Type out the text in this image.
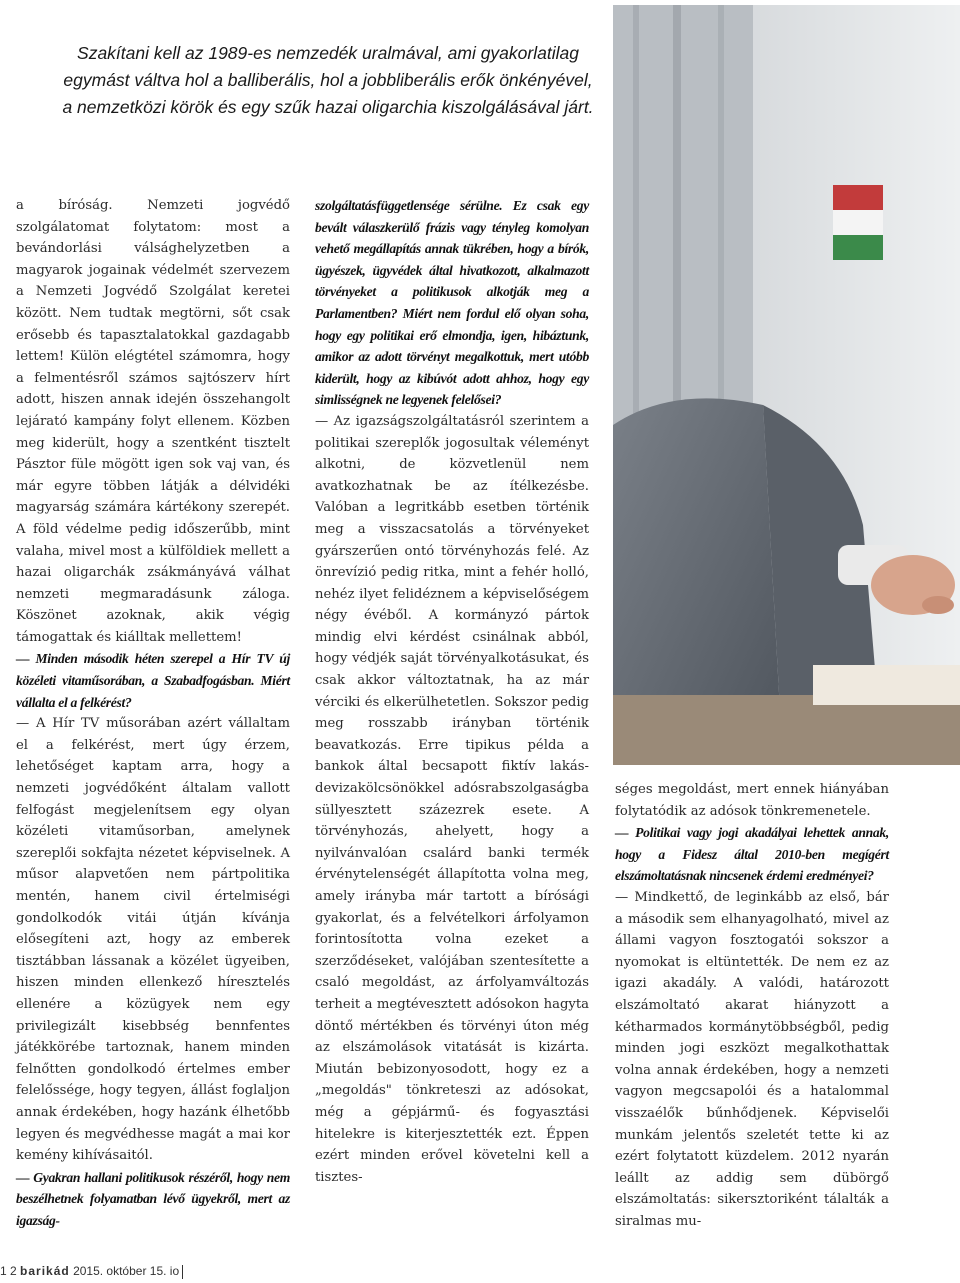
Szakítani kell az 1989-es nemzedék uralmával, ami gyakorlatilag egymást váltva hol a balliberális, hol a jobbliberális erők önkényével, a nemzetközi körök és egy szűk hazai oligarchia kiszolgálásával járt.

a bíróság. Nemzeti jogvédő szolgálatomat folytatom: most a bevándorlási válsághelyzetben a magyarok jogainak védelmét szervezem a Nemzeti Jogvédő Szolgálat keretei között. Nem tudtak megtörni, sőt csak erősebb és tapasztalatokkal gazdagabb lettem! Külön elégtétel számomra, hogy a felmentésről számos sajtószerv hírt adott, hiszen annak idején összehangolt lejárató kampány folyt ellenem. Közben meg kiderült, hogy a szentként tisztelt Pásztor füle mögött igen sok vaj van, és már egyre többen látják a délvidéki magyarság számára kártékony szerepét. A föld védelme pedig időszerűbb, mint valaha, mivel most a külföldiek mellett a hazai oligarchák zsákmányává válhat nemzeti megmaradásunk záloga. Köszönet azoknak, akik végig támogattak és kiálltak mellettem!

— Minden második héten szerepel a Hír TV új közéleti vitaműsorában, a Szabadfogásban. Miért vállalta el a felkérést?

— A Hír TV műsorában azért vállaltam el a felkérést, mert úgy érzem, lehetőséget kaptam arra, hogy a nemzeti jogvédőként általam vallott felfogást megjelenítsem egy olyan közéleti vitaműsorban, amelynek szereplői sokfajta nézetet képviselnek. A műsor alapvetően nem pártpolitika mentén, hanem civil értelmiségi gondolkodók vitái útján kívánja elősegíteni azt, hogy az emberek tisztábban lássanak a közélet ügyeiben, hiszen minden ellenkező híresztelés ellenére a közügyek nem egy privilegizált kisebbség bennfentes játékkörébe tartoznak, hanem minden felnőtten gondolkodó értelmes ember felelőssége, hogy tegyen, állást foglaljon annak érdekében, hogy hazánk élhetőbb legyen és megvédhesse magát a mai kor kemény kihívásaitól.

— Gyakran hallani politikusok részéről, hogy nem beszélhetnek folyamatban lévő ügyekről, mert az igazság-

szolgáltatásfüggetlensége sérülne. Ez csak egy bevált válaszkerülő frázis vagy tényleg komolyan vehető megállapítás annak tükrében, hogy a bírók, ügyészek, ügyvédek által hivatkozott, alkalmazott törvényeket a politikusok alkotják meg a Parlamentben? Miért nem fordul elő olyan soha, hogy egy politikai erő elmondja, igen, hibáztunk, amikor az adott törvényt megalkottuk, mert utóbb kiderült, hogy az kibúvót adott ahhoz, hogy egy simlisségnek ne legyenek felelősei?

— Az igazságszolgáltatásról szerintem a politikai szereplők jogosultak véleményt alkotni, de közvetlenül nem avatkozhatnak be az ítélkezésbe. Valóban a legritkább esetben történik meg a visszacsatolás a törvényeket gyárszerűen ontó törvényhozás felé. Az önrevízió pedig ritka, mint a fehér holló, nehéz ilyet felidéznem a képviselőségem négy évéből. A kormányzó pártok mindig elvi kérdést csinálnak abból, hogy védjék saját törvényalkotásukat, és csak akkor változtatnak, ha az már vérciki és elkerülhetetlen. Sokszor pedig meg rosszabb irányban történik beavatkozás. Erre tipikus példa a bankok által becsapott fiktív lakás-devizakölcsönökkel adósrabszolgaságba süllyesztett százezrek esete. A törvényhozás, ahelyett, hogy a nyilvánvalóan csalárd banki termék érvénytelenségét állapította volna meg, amely irányba már tartott a bírósági gyakorlat, és a felvételkori árfolyamon forintosította volna ezeket a szerződéseket, valójában szentesítette a csaló megoldást, az árfolyamváltozás terheit a megtévesztett adósokon hagyta döntő mértékben és törvényi úton még az elszámolások vitatását is kizárta. Miután bebizonyosodott, hogy ez a „megoldás" tönkreteszi az adósokat, még a gépjármű- és fogyasztási hitelekre is kiterjesztették ezt. Éppen ezért minden erővel követelni kell a tisztes-

séges megoldást, mert ennek hiányában folytatódik az adósok tönkremenetele.

— Politikai vagy jogi akadályai lehettek annak, hogy a Fidesz által 2010-ben megígért elszámoltatásnak nincsenek érdemi eredményei?

— Mindkettő, de leginkább az első, bár a második sem elhanyagolható, mivel az állami vagyon fosztogatói sokszor a nyomokat is eltüntették. De nem ez az igazi akadály. A valódi, határozott elszámoltató akarat hiányzott a kétharmados kormánytöbbségből, pedig minden jogi eszközt megalkothattak volna annak érdekében, hogy a nemzeti vagyon megcsapolói és a hatalommal visszaélők bűnhődjenek. Képviselői munkám jelentős szeletét tette ki az ezért folytatott küzdelem. 2012 nyarán leállt az addig sem dübörgő elszámoltatás: sikersztoriként tálalták a siralmas mu-

1 2 barikád 2015. október 15. io
